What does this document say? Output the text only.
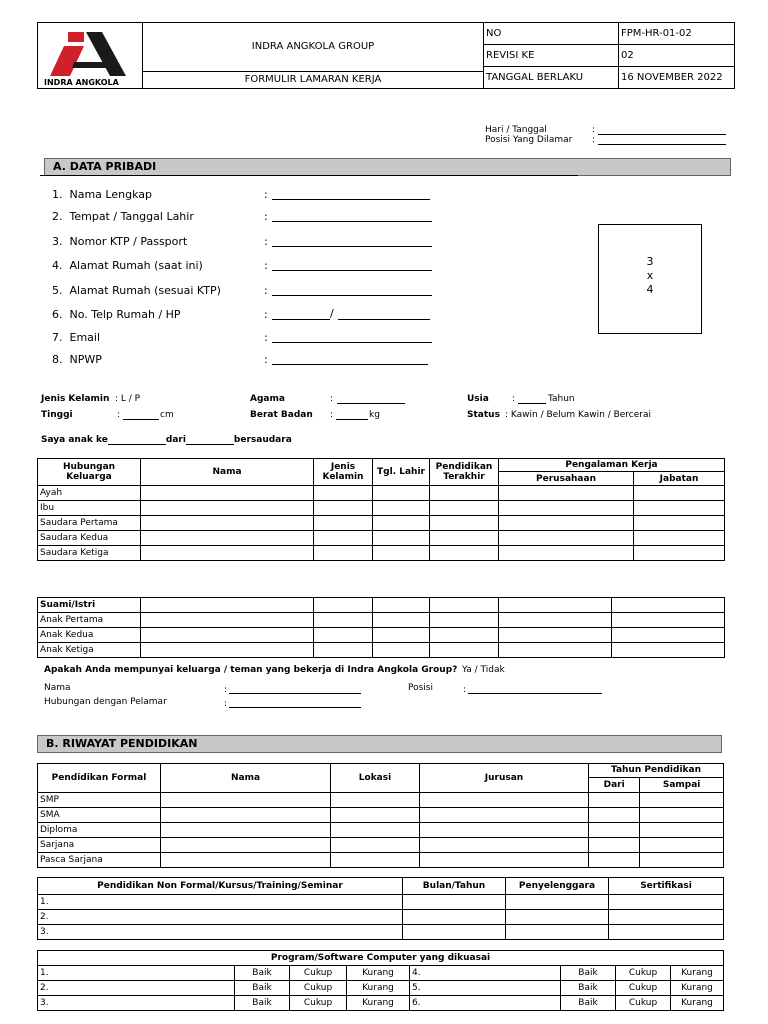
	INDRA ANGKOLA GROUP
FORMULIR LAMARAN KERJA	NO	FPM-HR-01-02
		REVISI KE	02
		TANGGAL BERLAKU	16 NOVEMBER 2022
INDRA ANGKOLA
Hari / Tanggal	:
Posisi Yang Dilamar :
A. DATA PRIBADI
1. Nama Lengkap	:
2. Tempat / Tanggal Lahir	:
3. Nomor KTP / Passport	:
4. Alamat Rumah (saat ini)	:
5. Alamat Rumah (sesuai KTP)	:
6. No. Telp Rumah / HP	:	/
7. Email	:
8. NPWP	:
3
x
4
Jenis Kelamin : L / P	Agama	:	Usia	:	Tahun
Tinggi	:	cm	Berat Badan :	kg	Status : Kawin / Belum Kawin / Bercerai
Saya anak ke	dari	bersaudara
Hubungan Keluarga	Nama	Jenis Kelamin	Tgl. Lahir	Pendidikan Terakhir	Pengalaman Kerja	
					Perusahaan	Jabatan
Ayah						
Ibu						
Saudara Pertama						
Saudara Kedua						
Saudara Ketiga						
Suami/Istri						
Anak Pertama						
Anak Kedua						
Anak Ketiga						
Apakah Anda mempunyai keluarga / teman yang bekerja di Indra Angkola Group? Ya / Tidak
Nama	:	Posisi	:
Hubungan dengan Pelamar	:
B. RIWAYAT PENDIDIKAN
Pendidikan Formal	Nama	Lokasi	Jurusan	Tahun Pendidikan	
				Dari	Sampai
SMP					
SMA					
Diploma					
Sarjana					
Pasca Sarjana					
Pendidikan Non Formal/Kursus/Training/Seminar	Bulan/Tahun	Penyelenggara	Sertifikasi
1.			
2.			
3.			
Program/Software Computer yang dikuasai							
1.	Baik	Cukup	Kurang	4.	Baik	Cukup	Kurang
2.	Baik	Cukup	Kurang	5.	Baik	Cukup	Kurang
3.	Baik	Cukup	Kurang	6.	Baik	Cukup	Kurang
